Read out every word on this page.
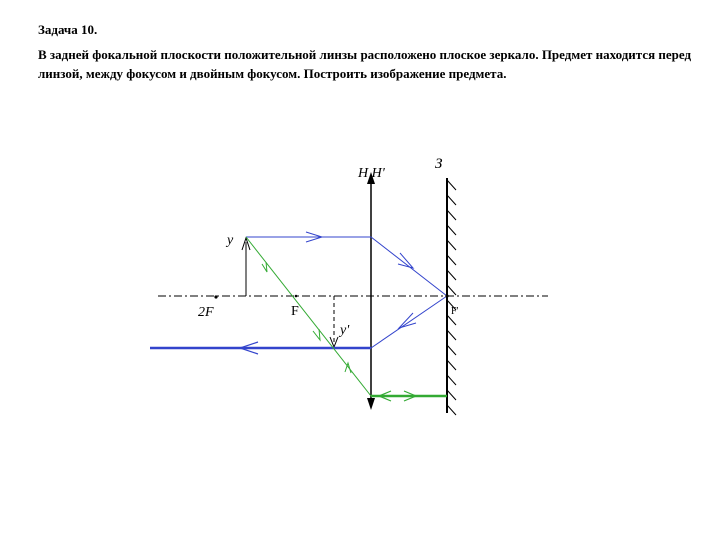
Задача 10.
В задней фокальной плоскости положительной линзы расположено плоское зеркало. Предмет находится перед линзой, между фокусом и двойным фокусом. Построить изображение предмета.
H H'
З
y
y'
2F	F	F'
